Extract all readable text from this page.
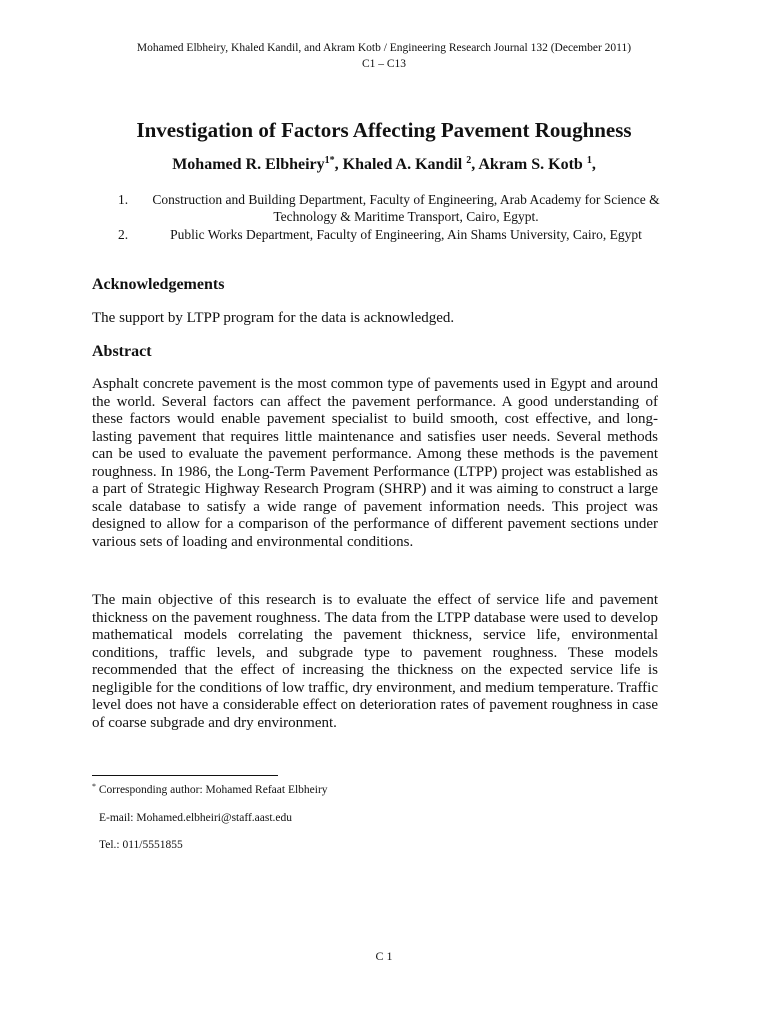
Mohamed Elbheiry, Khaled Kandil, and Akram Kotb / Engineering Research Journal 132 (December 2011)
C1 – C13
Investigation of Factors Affecting Pavement Roughness

Mohamed R. Elbheiry$^{1*}$, Khaled A. Kandil $^2$, Akram S. Kotb $^1$,

1. Construction and Building Department, Faculty of Engineering, Arab Academy for Science & Technology & Maritime Transport, Cairo, Egypt.
2.	Public Works Department, Faculty of Engineering, Ain Shams University, Cairo, Egypt
Acknowledgements

The support by LTPP program for the data is acknowledged.

Abstract

Asphalt concrete pavement is the most common type of pavements used in Egypt and around the world. Several factors can affect the pavement performance. A good understanding of these factors would enable pavement specialist to build smooth, cost effective, and long-lasting pavement that requires little maintenance and satisfies user needs. Several methods can be used to evaluate the pavement performance. Among these methods is the pavement roughness. In 1986, the Long-Term Pavement Performance (LTPP) project was established as a part of Strategic Highway Research Program (SHRP) and it was aiming to construct a large scale database to satisfy a wide range of pavement information needs. This project was designed to allow for a comparison of the performance of different pavement sections under various sets of loading and environmental conditions.

The main objective of this research is to evaluate the effect of service life and pavement thickness on the pavement roughness. The data from the LTPP database were used to develop mathematical models correlating the pavement thickness, service life, environmental conditions, traffic levels, and subgrade type to pavement roughness. These models recommended that the effect of increasing the thickness on the expected service life is negligible for the conditions of low traffic, dry environment, and medium temperature. Traffic level does not have a considerable effect on deterioration rates of pavement roughness in case of coarse subgrade and dry environment.

* Corresponding author: Mohamed Refaat Elbheiry

E-mail: Mohamed.elbheiri@staff.aast.edu

Tel.: 011/5551855

C 1
